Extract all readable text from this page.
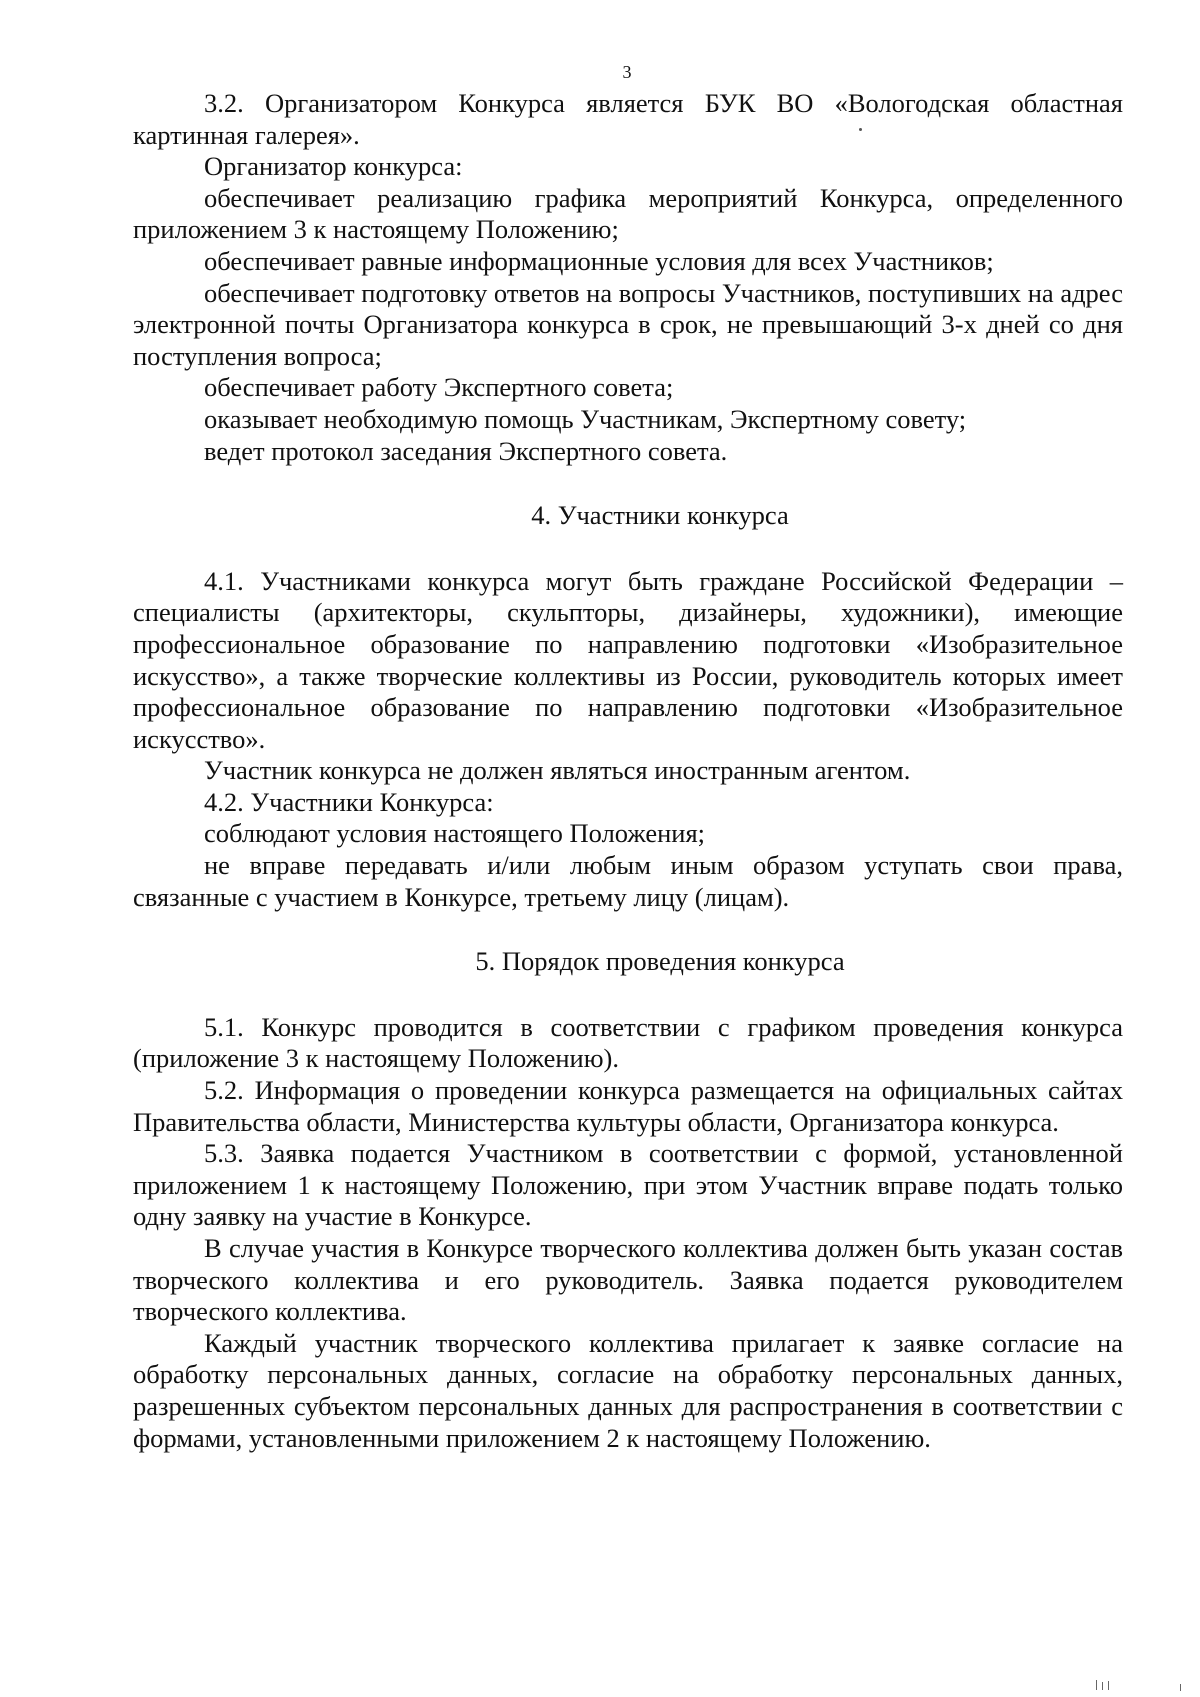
3

3.2. Организатором Конкурса является БУК ВО «Вологодская областная картинная галерея».

Организатор конкурса:

обеспечивает реализацию графика мероприятий Конкурса, определенного приложением 3 к настоящему Положению;

обеспечивает равные информационные условия для всех Участников;

обеспечивает подготовку ответов на вопросы Участников, поступивших на адрес электронной почты Организатора конкурса в срок, не превышающий 3-х дней со дня поступления вопроса;

обеспечивает работу Экспертного совета;

оказывает необходимую помощь Участникам, Экспертному совету;

ведет протокол заседания Экспертного совета.

4. Участники конкурса

4.1. Участниками конкурса могут быть граждане Российской Федерации – специалисты (архитекторы, скульпторы, дизайнеры, художники), имеющие профессиональное образование по направлению подготовки «Изобразительное искусство», а также творческие коллективы из России, руководитель которых имеет профессиональное образование по направлению подготовки «Изобразительное искусство».

Участник конкурса не должен являться иностранным агентом.

4.2. Участники Конкурса:

соблюдают условия настоящего Положения;

не вправе передавать и/или любым иным образом уступать свои права, связанные с участием в Конкурсе, третьему лицу (лицам).

5. Порядок проведения конкурса

5.1. Конкурс проводится в соответствии с графиком проведения конкурса (приложение 3 к настоящему Положению).

5.2. Информация о проведении конкурса размещается на официальных сайтах Правительства области, Министерства культуры области, Организатора конкурса.

5.3. Заявка подается Участником в соответствии с формой, установленной приложением 1 к настоящему Положению, при этом Участник вправе подать только одну заявку на участие в Конкурсе.

В случае участия в Конкурсе творческого коллектива должен быть указан состав творческого коллектива и его руководитель. Заявка подается руководителем творческого коллектива.

Каждый участник творческого коллектива прилагает к заявке согласие на обработку персональных данных, согласие на обработку персональных данных, разрешенных субъектом персональных данных для распространения в соответствии с формами, установленными приложением 2 к настоящему Положению.
